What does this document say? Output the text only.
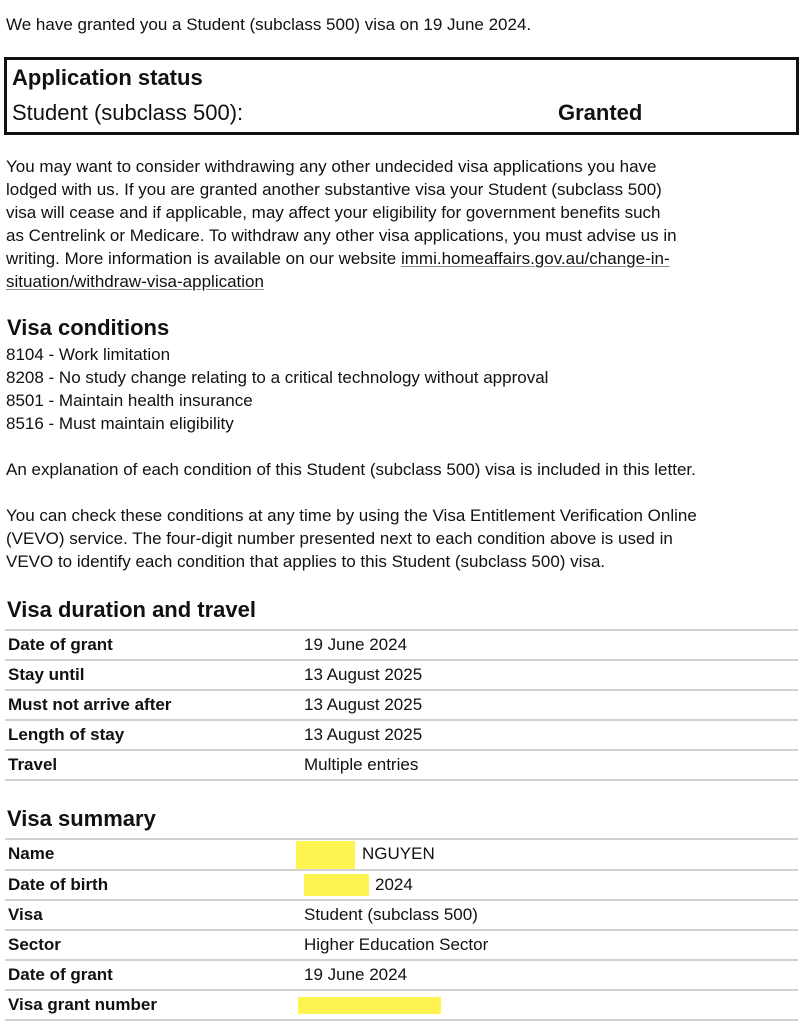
We have granted you a Student (subclass 500) visa on 19 June 2024.
Application status
Student (subclass 500):	Granted
You may want to consider withdrawing any other undecided visa applications you have
lodged with us. If you are granted another substantive visa your Student (subclass 500)
visa will cease and if applicable, may affect your eligibility for government benefits such
as Centrelink or Medicare. To withdraw any other visa applications, you must advise us in
writing. More information is available on our website immi.homeaffairs.gov.au/change-in-
situation/withdraw-visa-application
Visa conditions
8104 - Work limitation
8208 - No study change relating to a critical technology without approval
8501 - Maintain health insurance
8516 - Must maintain eligibility
An explanation of each condition of this Student (subclass 500) visa is included in this letter.
You can check these conditions at any time by using the Visa Entitlement Verification Online
(VEVO) service. The four-digit number presented next to each condition above is used in
VEVO to identify each condition that applies to this Student (subclass 500) visa.
Visa duration and travel
Date of grant	19 June 2024
Stay until	13 August 2025
Must not arrive after	13 August 2025
Length of stay	13 August 2025
Travel	Multiple entries
Visa summary
Name	NGUYEN
Date of birth	2024
Visa	Student (subclass 500)
Sector	Higher Education Sector
Date of grant	19 June 2024
Visa grant number	
